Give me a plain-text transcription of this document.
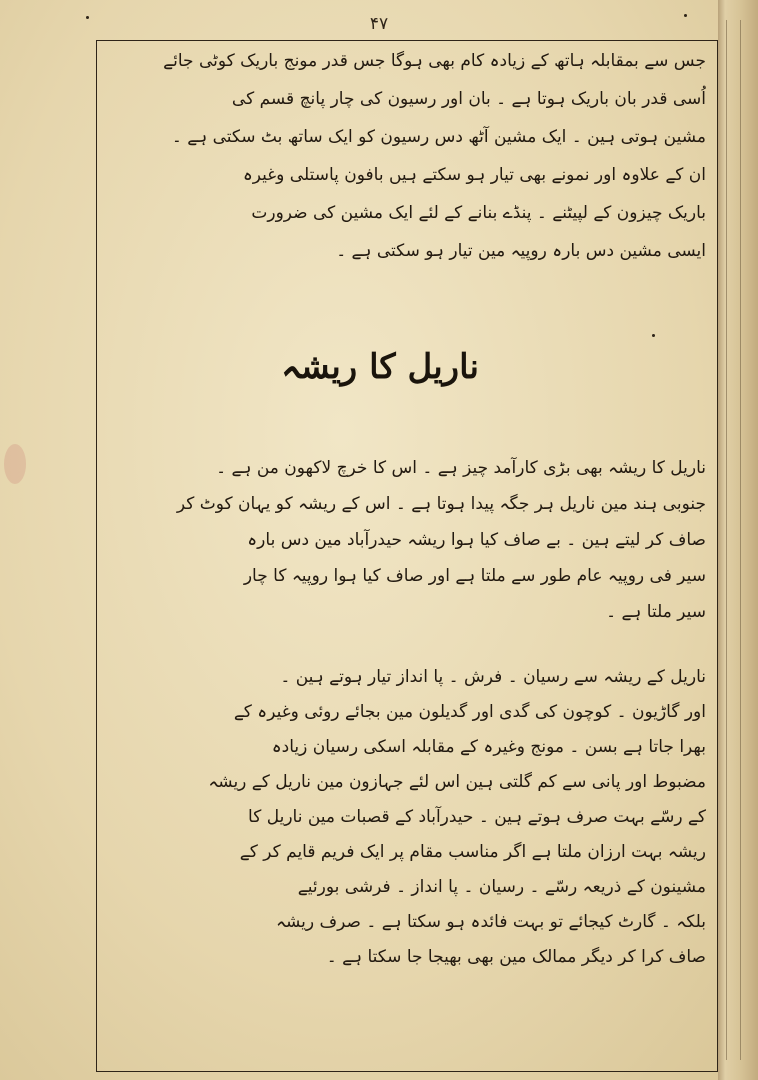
۴۷
جس سے بمقابلہ ہاتھ کے زیادہ کام بھی ہوگا جس قدر مونج باریک کوٹی جائے
اُسی قدر بان باریک ہوتا ہے ۔ بان اور رسیون کی چار پانچ قسم کی
مشین ہوتی ہین ۔ ایک مشین آٹھ دس رسیون کو ایک ساتھ بٹ سکتی ہے ۔
ان کے علاوہ اور نمونے بھی تیار ہو سکتے ہیں بافون پاستلی وغیرہ
باریک چیزون کے لپیٹنے ۔ پنڈے بنانے کے لئے ایک مشین کی ضرورت
ایسی مشین دس بارہ روپیہ مین تیار ہو سکتی ہے ۔
ناریل کا ریشہ
ناریل کا ریشہ بھی بڑی کارآمد چیز ہے ۔ اس کا خرچ لاکھون من ہے ۔
جنوبی ہند مین ناریل ہر جگہ پیدا ہوتا ہے ۔ اس کے ریشہ کو یہان کوٹ کر
صاف کر لیتے ہین ۔ بے صاف کیا ہوا ریشہ حیدرآباد مین دس بارہ
سیر فی روپیہ عام طور سے ملتا ہے اور صاف کیا ہوا روپیہ کا چار
سیر ملتا ہے ۔
ناریل کے ریشہ سے رسیان ۔ فرش ۔ پا انداز تیار ہوتے ہین ۔
اور گاڑیون ۔ کوچون کی گدی اور گدیلون مین بجائے روئی وغیرہ کے
بھرا جاتا ہے بسن ۔ مونج وغیرہ کے مقابلہ اسکی رسیان زیادہ
مضبوط اور پانی سے کم گلتی ہین اس لئے جہازون مین ناریل کے ریشہ
کے رسّے بہت صرف ہوتے ہین ۔ حیدرآباد کے قصبات مین ناریل کا
ریشہ بہت ارزان ملتا ہے اگر مناسب مقام پر ایک فریم قایم کر کے
مشینون کے ذریعہ رسّے ۔ رسیان ۔ پا انداز ۔ فرشی بورئیے
بلکہ ۔ گارٹ کیجائے تو بہت فائدہ ہو سکتا ہے ۔ صرف ریشہ
صاف کرا کر دیگر ممالک مین بھی بھیجا جا سکتا ہے ۔
